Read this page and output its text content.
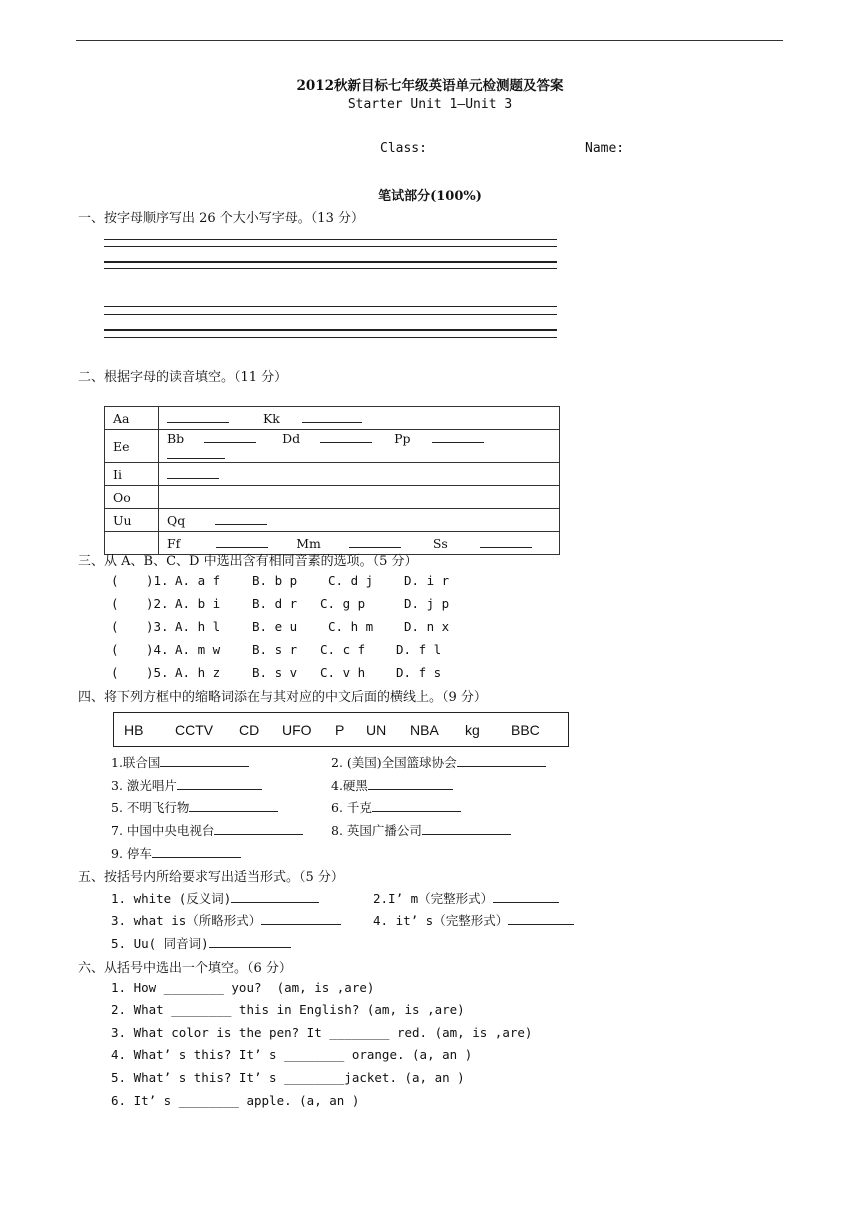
2012秋新目标七年级英语单元检测题及答案
Starter Unit 1—Unit 3
Class:	Name:
笔试部分(100%)
一、按字母顺序写出 26 个大小写字母。（13 分）
二、根据字母的读音填空。（11 分）
Aa	Kk
Ee	Bb Dd Pp
Ii	
Oo	
Uu	Qq
	Ff Mm Ss
三、从 A、B、C、D 中选出含有相同音素的选项。（5 分）
( )1. A. a f	B. b p C. d j D. i r
( )2. A. b i	B. d r C. g p	D. j p
( )3. A. h l	B. e u C. h m D. n x
( )4. A. m w	B. s r C. c f D. f l
( )5. A. h z	B. s v C. v h D. f s
四、将下列方框中的缩略词添在与其对应的中文后面的横线上。（9 分）
HB CCTV CD UFO P UN NBA kg BBC
1.联合国	2. (美国)全国篮球协会
3. 激光唱片	4.硬黑
5. 不明飞行物	6. 千克
7. 中国中央电视台	8. 英国广播公司
9. 停车
五、按括号内所给要求写出适当形式。（5 分）
1. white (反义词)	2.I’ m（完整形式）
3. what is（所略形式）	4. it’ s（完整形式）
5. Uu( 同音词)
六、从括号中选出一个填空。（6 分）
1. How ________ you?  (am, is ,are)
2. What ________ this in English? (am, is ,are)
3. What color is the pen? It ________ red. (am, is ,are)
4. What’ s this? It’ s ________ orange. (a, an )
5. What’ s this? It’ s ________jacket. (a, an )
6. It’ s ________ apple. (a, an )
